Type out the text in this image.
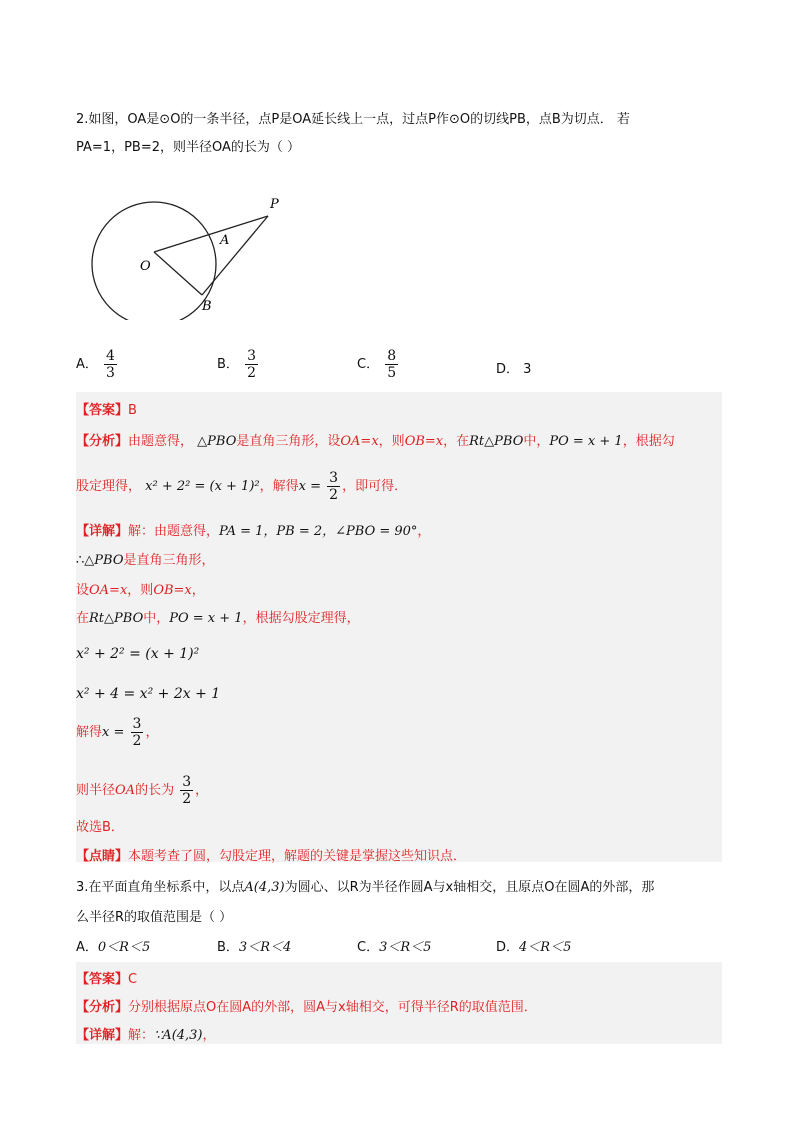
2.如图，OA是⊙O的一条半径，点P是OA延长线上一点，过点P作⊙O的切线PB，点B为切点． 若
PA=1，PB=2，则半径OA的长为（ ）
P
A
O
B
A． $\frac{4}{3}$	B． $\frac{3}{2}$	C． $\frac{8}{5}$	D． 3
【答案】B
【分析】由题意得， △PBO是直角三角形，设OA=x，则OB=x，在Rt△PBO中，PO = x + 1，根据勾
股定理得， x² + 2² = (x + 1)²，解得$x = \frac{3}{2}$ ，即可得．
【详解】解：由题意得，PA = 1，PB = 2，∠PBO = 90°，
∴△PBO是直角三角形，
设OA=x，则OB=x，
在Rt△PBO中，PO = x + 1，根据勾股定理得，
x² + 2² = (x + 1)²
x² + 4 = x² + 2x + 1
解得$x = \frac{3}{2}$ ，
则半径OA的长为 $\frac{3}{2}$ ，
故选B．
【点睛】本题考查了圆，勾股定理，解题的关键是掌握这些知识点．
3.在平面直角坐标系中，以点A(4,3)为圆心、以R为半径作圆A与x轴相交，且原点O在圆A的外部，那
么半径R的取值范围是（ ）
A．0＜R＜5	B．3＜R＜4	C．3＜R＜5	D．4＜R＜5
【答案】C
【分析】分别根据原点O在圆A的外部，圆A与x轴相交，可得半径R的取值范围．
【详解】解：∵A(4,3)，
